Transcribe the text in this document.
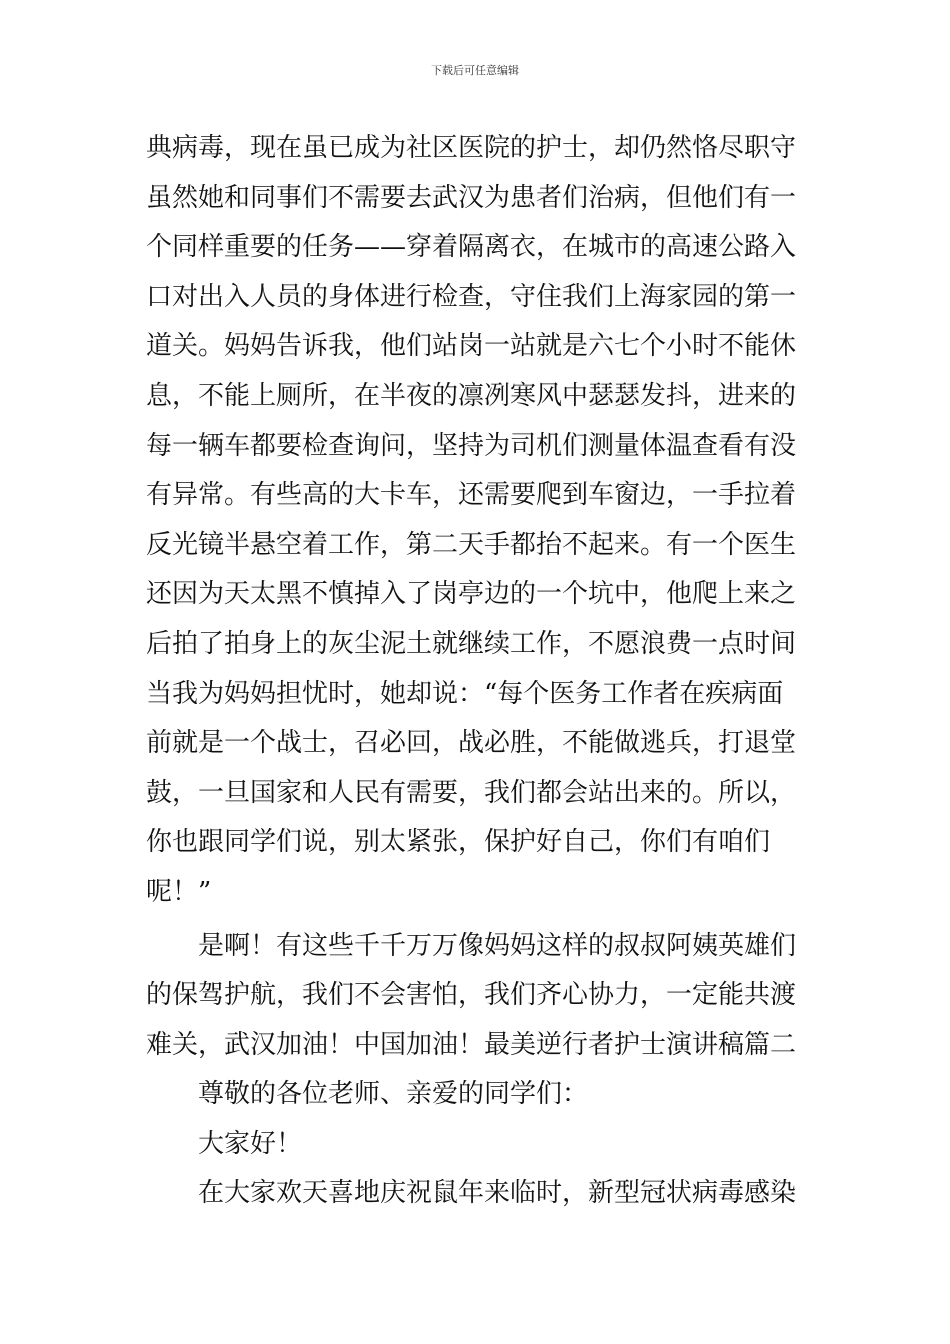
下载后可任意编辑
典病毒，现在虽已成为社区医院的护士，却仍然恪尽职守
虽然她和同事们不需要去武汉为患者们治病，但他们有一
个同样重要的任务——穿着隔离衣，在城市的高速公路入
口对出入人员的身体进行检查，守住我们上海家园的第一
道关。妈妈告诉我，他们站岗一站就是六七个小时不能休
息，不能上厕所，在半夜的凛冽寒风中瑟瑟发抖，进来的
每一辆车都要检查询问，坚持为司机们测量体温查看有没
有异常。有些高的大卡车，还需要爬到车窗边，一手拉着
反光镜半悬空着工作，第二天手都抬不起来。有一个医生
还因为天太黑不慎掉入了岗亭边的一个坑中，他爬上来之
后拍了拍身上的灰尘泥土就继续工作，不愿浪费一点时间
当我为妈妈担忧时，她却说：“每个医务工作者在疾病面
前就是一个战士，召必回，战必胜，不能做逃兵，打退堂
鼓，一旦国家和人民有需要，我们都会站出来的。所以，
你也跟同学们说，别太紧张，保护好自己，你们有咱们
呢！”
是啊！有这些千千万万像妈妈这样的叔叔阿姨英雄们
的保驾护航，我们不会害怕，我们齐心协力，一定能共渡
难关，武汉加油！中国加油！最美逆行者护士演讲稿篇二
尊敬的各位老师、亲爱的同学们：
大家好！
在大家欢天喜地庆祝鼠年来临时，新型冠状病毒感染
